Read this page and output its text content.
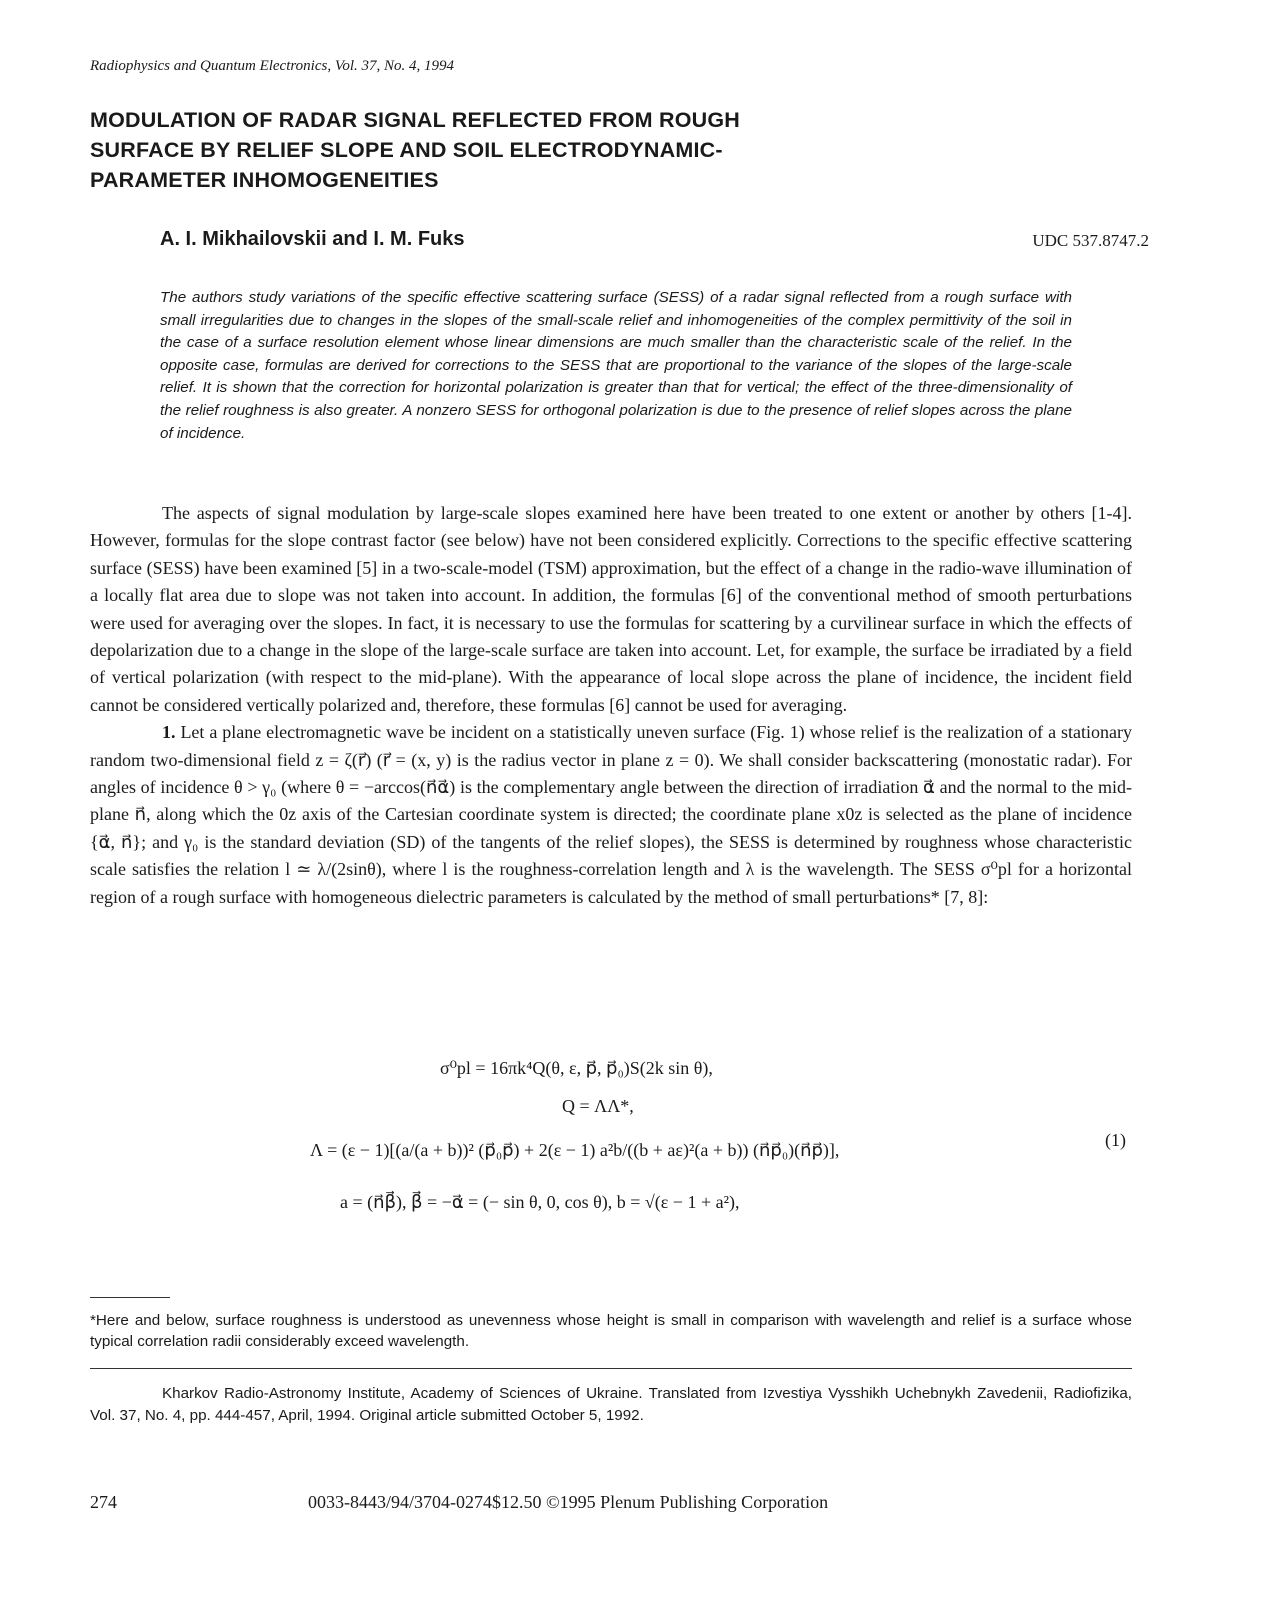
Radiophysics and Quantum Electronics, Vol. 37, No. 4, 1994
MODULATION OF RADAR SIGNAL REFLECTED FROM ROUGH
SURFACE BY RELIEF SLOPE AND SOIL ELECTRODYNAMIC-
PARAMETER INHOMOGENEITIES
A. I. Mikhailovskii and I. M. Fuks	UDC 537.8747.2
The authors study variations of the specific effective scattering surface (SESS) of a radar signal reflected from a rough surface with small irregularities due to changes in the slopes of the small-scale relief and inhomogeneities of the complex permittivity of the soil in the case of a surface resolution element whose linear dimensions are much smaller than the characteristic scale of the relief. In the opposite case, formulas are derived for corrections to the SESS that are proportional to the variance of the slopes of the large-scale relief. It is shown that the correction for horizontal polarization is greater than that for vertical; the effect of the three-dimensionality of the relief roughness is also greater. A nonzero SESS for orthogonal polarization is due to the presence of relief slopes across the plane of incidence.

The aspects of signal modulation by large-scale slopes examined here have been treated to one extent or another by others [1-4]. However, formulas for the slope contrast factor (see below) have not been considered explicitly. Corrections to the specific effective scattering surface (SESS) have been examined [5] in a two-scale-model (TSM) approximation, but the effect of a change in the radio-wave illumination of a locally flat area due to slope was not taken into account. In addition, the formulas [6] of the conventional method of smooth perturbations were used for averaging over the slopes. In fact, it is necessary to use the formulas for scattering by a curvilinear surface in which the effects of depolarization due to a change in the slope of the large-scale surface are taken into account. Let, for example, the surface be irradiated by a field of vertical polarization (with respect to the mid-plane). With the appearance of local slope across the plane of incidence, the incident field cannot be considered vertically polarized and, therefore, these formulas [6] cannot be used for averaging.

1. Let a plane electromagnetic wave be incident on a statistically uneven surface (Fig. 1) whose relief is the realization of a stationary random two-dimensional field z = ζ(r⃗) (r⃗ = (x, y) is the radius vector in plane z = 0). We shall consider backscattering (monostatic radar). For angles of incidence θ > γ₀ (where θ = −arccos(n⃗α⃗) is the complementary angle between the direction of irradiation α⃗ and the normal to the mid-plane n⃗, along which the 0z axis of the Cartesian coordinate system is directed; the coordinate plane x0z is selected as the plane of incidence {α⃗, n⃗}; and γ₀ is the standard deviation (SD) of the tangents of the relief slopes), the SESS is determined by roughness whose characteristic scale satisfies the relation l ≃ λ/(2sinθ), where l is the roughness-correlation length and λ is the wavelength. The SESS σ⁰pl for a horizontal region of a rough surface with homogeneous dielectric parameters is calculated by the method of small perturbations* [7, 8]:

σ⁰pl = 16πk⁴Q(θ, ε, p⃗, p⃗₀)S(2k sin θ),
Q = ΛΛ*,
Λ = (ε − 1)[(a/(a + b))² (p⃗₀p⃗) + 2(ε − 1) a²b/((b + aε)²(a + b)) (n⃗p⃗₀)(n⃗p⃗)],
a = (n⃗β⃗), β⃗ = −α⃗ = (− sin θ, 0, cos θ), b = √(ε − 1 + a²),
(1)
*Here and below, surface roughness is understood as unevenness whose height is small in comparison with wavelength and relief is a surface whose typical correlation radii considerably exceed wavelength.
Kharkov Radio-Astronomy Institute, Academy of Sciences of Ukraine. Translated from Izvestiya Vysshikh Uchebnykh Zavedenii, Radiofizika, Vol. 37, No. 4, pp. 444-457, April, 1994. Original article submitted October 5, 1992.
274	0033-8443/94/3704-0274$12.50 ©1995 Plenum Publishing Corporation
